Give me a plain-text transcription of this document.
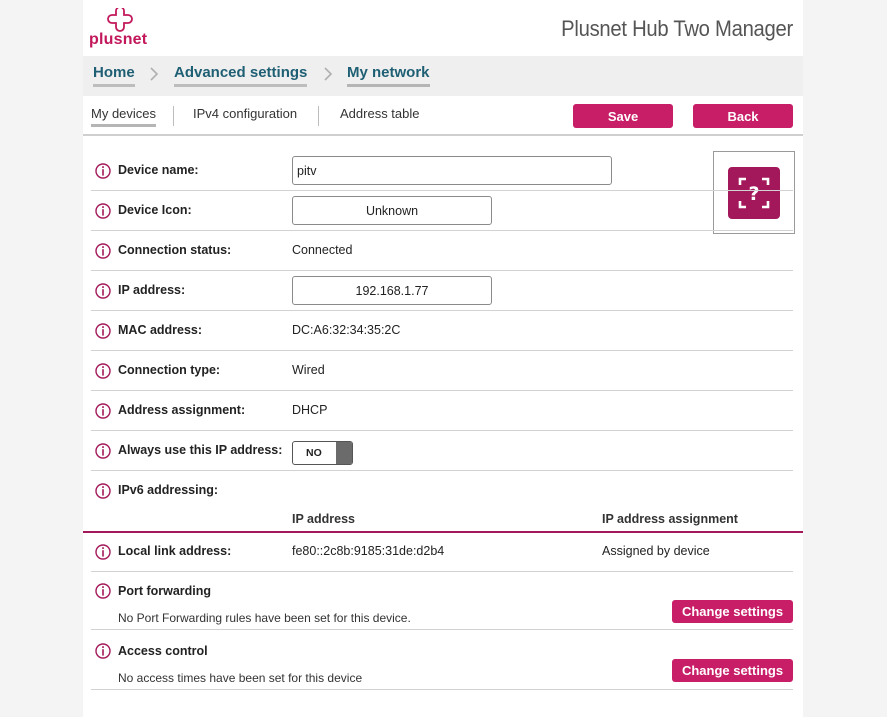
plusnet	Plusnet Hub Two Manager
Home	Advanced settings	My network
My devices	IPv4 configuration	Address table	Save	Back
?
Device name:
pitv
Device Icon:	Unknown
Connection status:	Connected
IP address:
192.168.1.77
MAC address:	DC:A6:32:34:35:2C
Connection type:	Wired
Address assignment:	DHCP
Always use this IP address: NO
IPv6 addressing:
IP address	IP address assignment
Local link address:	fe80::2c8b:9185:31de:d2b4	Assigned by device
Port forwarding
No Port Forwarding rules have been set for this device.	Change settings
Access control
No access times have been set for this device	Change settings
